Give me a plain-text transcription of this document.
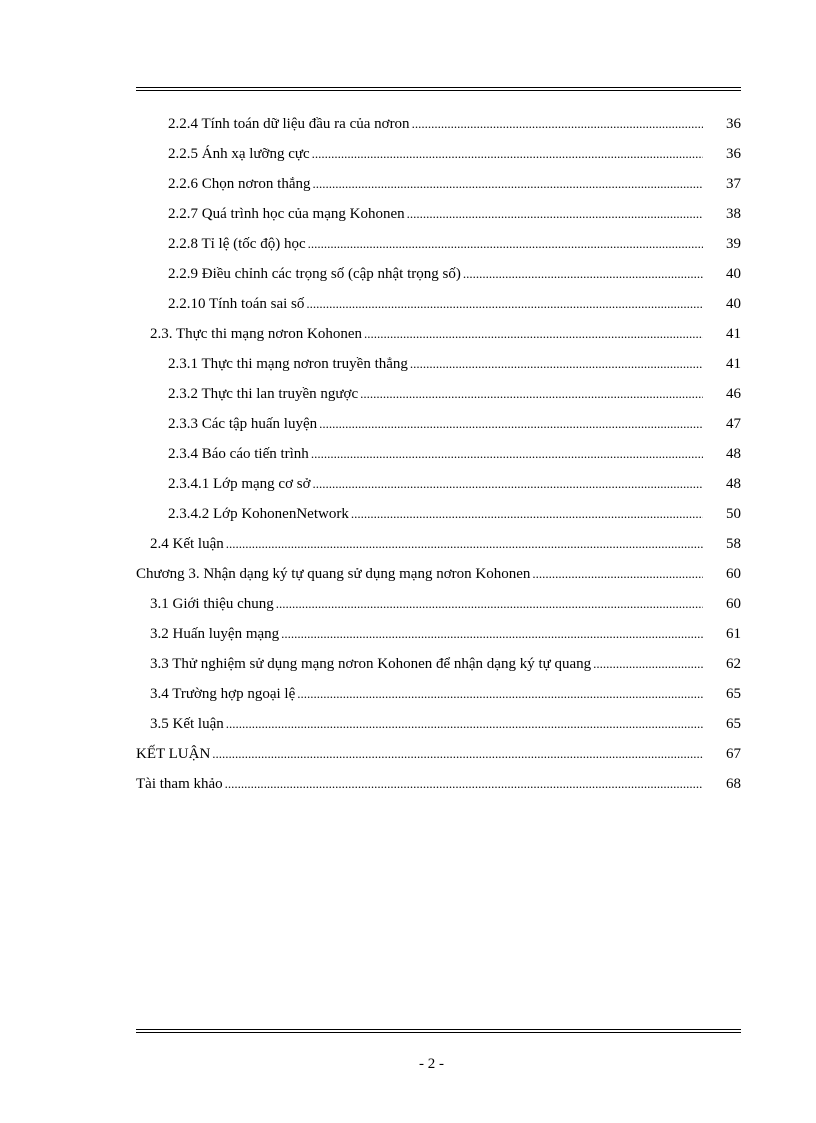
2.2.4 Tính toán dữ liệu đầu ra của nơron .....	36
2.2.5 Ánh xạ lưỡng cực .....	36
2.2.6 Chọn nơron thắng .....	37
2.2.7 Quá trình học của mạng Kohonen .....	38
2.2.8 Tỉ lệ (tốc độ) học .....	39
2.2.9 Điều chỉnh các trọng số (cập nhật trọng số) .....	40
2.2.10 Tính toán sai số .....	40
2.3. Thực thi mạng nơron Kohonen .....	41
2.3.1 Thực thi mạng nơron truyền thẳng .....	41
2.3.2 Thực thi lan truyền ngược .....	46
2.3.3 Các tập huấn luyện .....	47
2.3.4 Báo cáo tiến trình .....	48
2.3.4.1 Lớp mạng cơ sở .....	48
2.3.4.2 Lớp KohonenNetwork .....	50
2.4 Kết luận .....	58
Chương 3. Nhận dạng ký tự quang sử dụng mạng nơron Kohonen .....	60
3.1 Giới thiệu chung .....	60
3.2 Huấn luyện mạng .....	61
3.3 Thử nghiệm sử dụng mạng nơron Kohonen để nhận dạng ký tự quang .....	62
3.4 Trường hợp ngoại lệ .....	65
3.5 Kết luận .....	65
KẾT LUẬN .....	67
Tài tham khảo .....	68
- 2 -
